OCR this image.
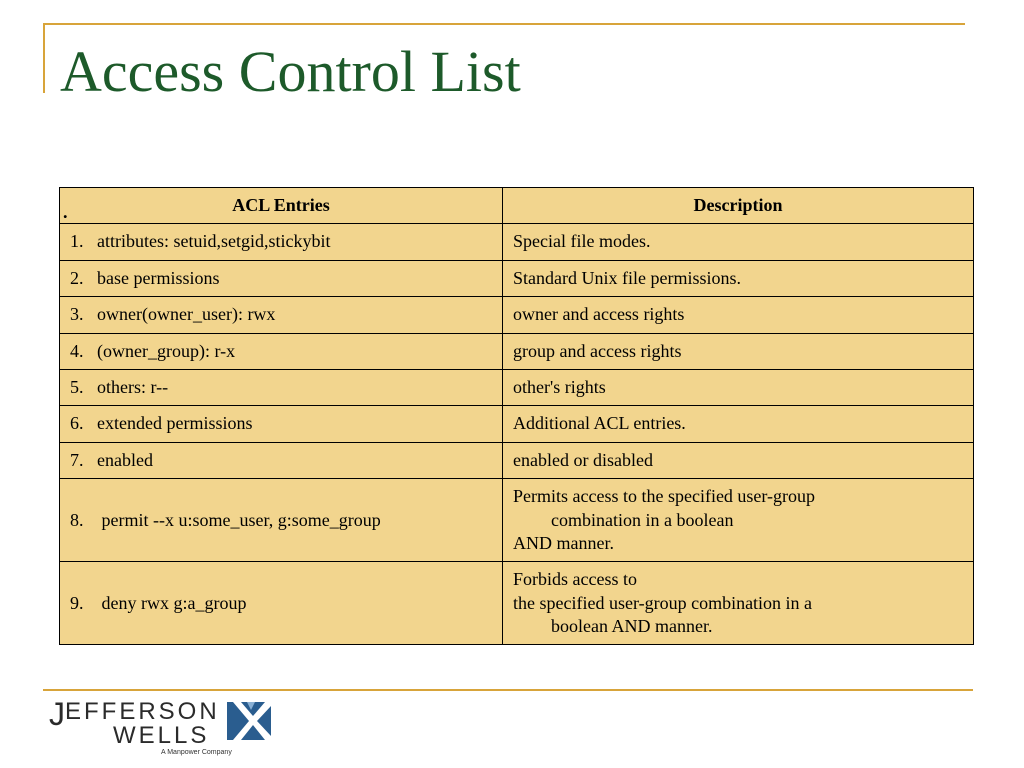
Access Control List
. ACL Entries	Description
1. attributes: setuid,setgid,stickybit	Special file modes.
2. base permissions	Standard Unix file permissions.
3. owner(owner_user): rwx	owner and access rights
4. (owner_group): r-x	group and access rights
5. others: r--	other's rights
6. extended permissions	Additional ACL entries.
7. enabled	enabled or disabled
8. permit --x u:some_user, g:some_group	Permits access to the specified user-group
combination in a boolean
AND manner.
9. deny rwx g:a_group	Forbids access to
the specified user-group combination in a
boolean AND manner.
JEFFERSON
WELLS
A Manpower Company
